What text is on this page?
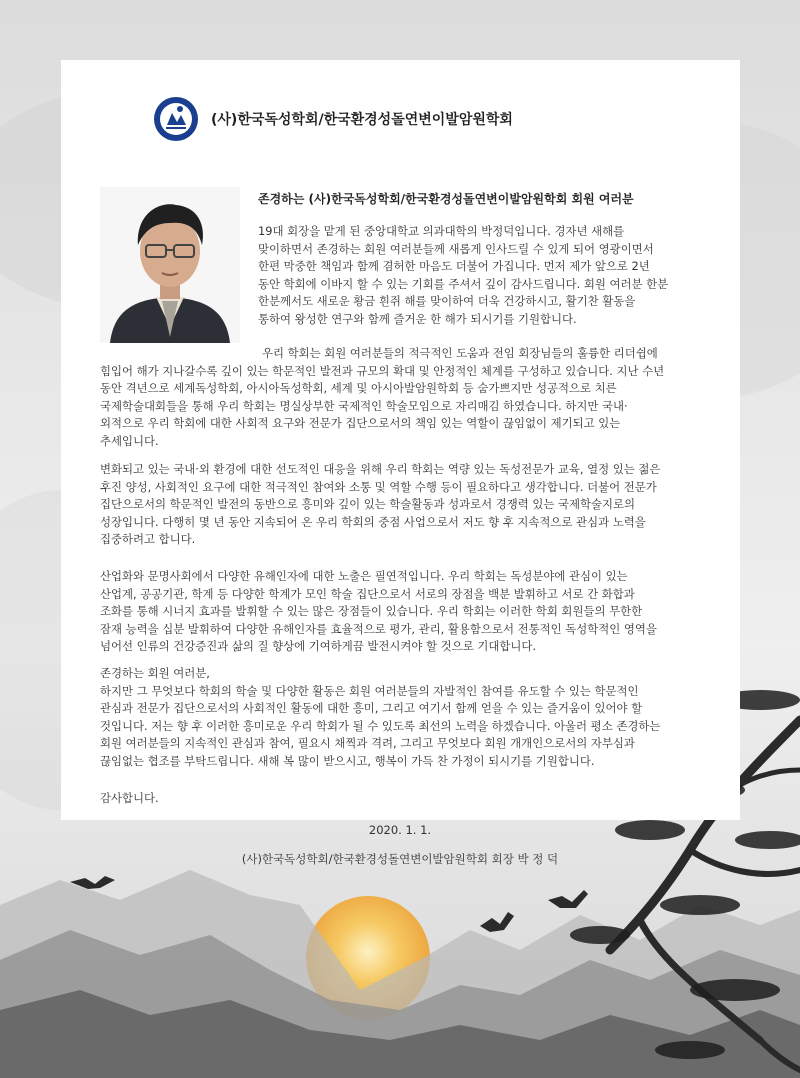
(사)한국독성학회/한국환경성돌연변이발암원학회
존경하는 (사)한국독성학회/한국환경성돌연변이발암원학회 회원 여러분

19대 회장을 맡게 된 중앙대학교 의과대학의 박정덕입니다. 경자년 새해를
맞이하면서 존경하는 회원 여러분들께 새롭게 인사드릴 수 있게 되어 영광이면서
한편 막중한 책임과 함께 겸허한 마음도 더불어 가집니다. 먼저 제가 앞으로 2년
동안 학회에 이바지 할 수 있는 기회를 주셔서 깊이 감사드립니다. 회원 여러분 한분
한분께서도 새로운 황금 흰쥐 해를 맞이하여 더욱 건강하시고, 활기찬 활동을
통하여 왕성한 연구와 함께 즐거운 한 해가 되시기를 기원합니다.

우리 학회는 회원 여러분들의 적극적인 도움과 전임 회장님들의 훌륭한 리더쉽에
힘입어 해가 지나갈수록 깊이 있는 학문적인 발전과 규모의 확대 및 안정적인 체계를 구성하고 있습니다. 지난 수년
동안 격년으로 세계독성학회, 아시아독성학회, 세계 및 아시아발암원학회 등 숨가쁘지만 성공적으로 치른
국제학술대회들을 통해 우리 학회는 명실상부한 국제적인 학술모임으로 자리매김 하였습니다. 하지만 국내·
외적으로 우리 학회에 대한 사회적 요구와 전문가 집단으로서의 책임 있는 역할이 끊임없이 제기되고 있는
추세입니다.

변화되고 있는 국내·외 환경에 대한 선도적인 대응을 위해 우리 학회는 역량 있는 독성전문가 교육, 열정 있는 젊은
후진 양성, 사회적인 요구에 대한 적극적인 참여와 소통 및 역할 수행 등이 필요하다고 생각합니다. 더불어 전문가
집단으로서의 학문적인 발전의 동반으로 흥미와 깊이 있는 학술활동과 성과로서 경쟁력 있는 국제학술지로의
성장입니다. 다행히 몇 년 동안 지속되어 온 우리 학회의 중점 사업으로서 저도 향 후 지속적으로 관심과 노력을
집중하려고 합니다.

산업화와 문명사회에서 다양한 유해인자에 대한 노출은 필연적입니다. 우리 학회는 독성분야에 관심이 있는
산업계, 공공기관, 학계 등 다양한 학계가 모인 학술 집단으로서 서로의 장점을 백분 발휘하고 서로 간 화합과
조화를 통해 시너지 효과를 발휘할 수 있는 많은 장점들이 있습니다. 우리 학회는 이러한 학회 회원들의 무한한
잠재 능력을 십분 발휘하여 다양한 유해인자를 효율적으로 평가, 관리, 활용함으로서 전통적인 독성학적인 영역을
넘어선 인류의 건강증진과 삶의 질 향상에 기여하게끔 발전시켜야 할 것으로 기대합니다.

존경하는 회원 여러분,
하지만 그 무엇보다 학회의 학술 및 다양한 활동은 회원 여러분들의 자발적인 참여를 유도할 수 있는 학문적인
관심과 전문가 집단으로서의 사회적인 활동에 대한 흥미, 그리고 여기서 함께 얻을 수 있는 즐거움이 있어야 할
것입니다. 저는 향 후 이러한 흥미로운 우리 학회가 될 수 있도록 최선의 노력을 하겠습니다. 아울러 평소 존경하는
회원 여러분들의 지속적인 관심과 참여, 필요시 채찍과 격려, 그리고 무엇보다 회원 개개인으로서의 자부심과
끊임없는 협조를 부탁드립니다. 새해 복 많이 받으시고, 행복이 가득 찬 가정이 되시기를 기원합니다.

감사합니다.

2020. 1. 1.
(사)한국독성학회/한국환경성돌연변이발암원학회 회장 박 정 덕
